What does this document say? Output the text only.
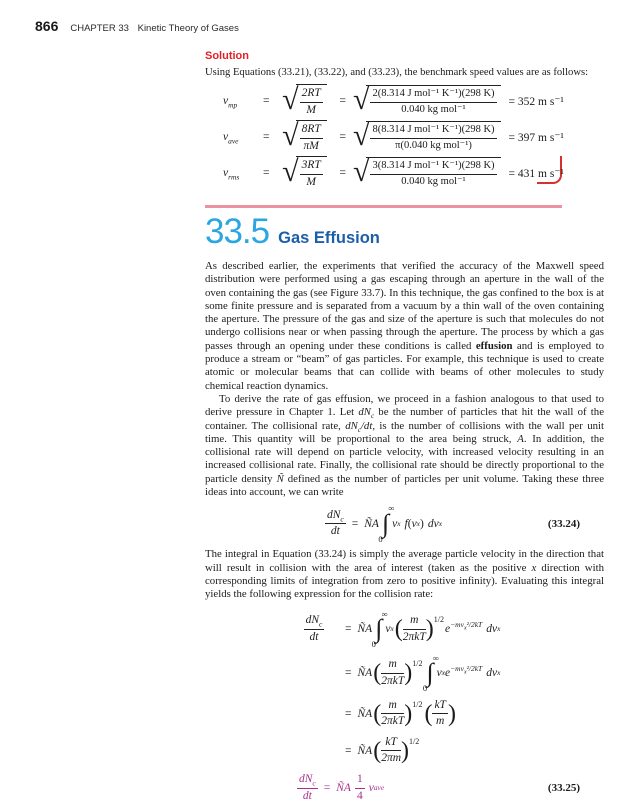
866 CHAPTER 33 Kinetic Theory of Gases
Solution

Using Equations (33.21), (33.22), and (33.23), the benchmark speed values are as follows:

$v_{mp}$	= √ $\frac{2RT}{M}$ = √ $\frac{\text{2(8.314 J mol⁻¹ K⁻¹)(298 K)}}{\text{0.040 kg mol⁻¹}} = 352$ m s⁻¹
$v_{ave}$	= √ $\frac{8RT}{\pi M}$ = √ $\frac{\text{8(8.314 J mol⁻¹ K⁻¹)(298 K)}}{\text{π(0.040 kg mol⁻¹)}} = 397$ m s⁻¹
$v_{rms}$	= √ $\frac{3RT}{M}$ = √ $\frac{\text{3(8.314 J mol⁻¹ K⁻¹)(298 K)}}{\text{0.040 kg mol⁻¹}} = 431$ m s⁻¹
33.5 Gas Effusion

As described earlier, the experiments that verified the accuracy of the Maxwell speed distribution were performed using a gas escaping through an aperture in the wall of the oven containing the gas (see Figure 33.7). In this technique, the gas confined to the box is at some finite pressure and is separated from a vacuum by a thin wall of the oven containing the aperture. The pressure of the gas and size of the aperture is such that molecules do not undergo collisions near or when passing through the aperture. The process by which a gas passes through an opening under these conditions is called effusion and is employed to produce a stream or “beam” of gas particles. For example, this technique is used to create atomic or molecular beams that can collide with beams of other molecules to study chemical reaction dynamics.

To derive the rate of gas effusion, we proceed in a fashion analogous to that used to derive pressure in Chapter 1. Let $dN_c$ be the number of particles that hit the wall of the container. The collisional rate, $dN_c/dt$, is the number of collisions with the wall per unit time. This quantity will be proportional to the area being struck, A. In addition, the collisional rate will depend on particle velocity, with increased velocity resulting in an increased collisional rate. Finally, the collisional rate should be directly proportional to the particle density Ñ defined as the number of particles per unit volume. Taking these three ideas into account, we can write

$\frac{dN_c}{dt}$ = ÑA
∞
∫
0
v x f ( v x ) dv x	(33.24)

The integral in Equation (33.24) is simply the average particle velocity in the direction that will result in collision with the area of interest (taken as the positive x direction with corresponding limits of integration from zero to positive infinity). Evaluating this integral yields the following expression for the collision rate:

$\frac{dN_c}{dt}$ = ÑA
∞
∫
0
v x ( $\frac{m}{\text{2πkT}}$ ) 1/2
$e -mv_x^2/2kT$ dv x
= ÑA ( $\frac{m}{\text{2πkT}}$ ) 1/2
∞
∫
0
v x $e -mv_x^2/2kT$ dv x
= ÑA ( $\frac{m}{\text{2πkT}}$ ) 1/2 ( $\frac{kT}{m}$ )
= ÑA ( $\frac{kT}{2\pi m}$ ) 1/2
$\frac{dN_c}{dt}$ = ÑA $\frac{1}{4}$ v ave	(33.25)
